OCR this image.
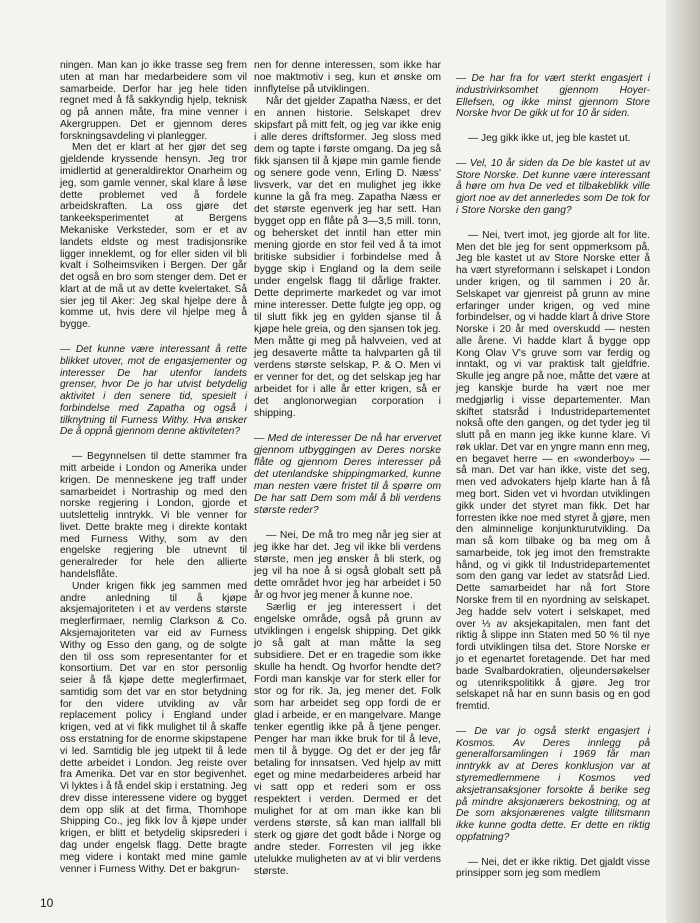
ningen. Man kan jo ikke trasse seg frem uten at man har medarbeidere som vil samarbeide. Derfor har jeg hele tiden regnet med å få sakkyndig hjelp, teknisk og på annen måte, fra mine venner i Akergruppen. Det er gjennom deres forskningsavdeling vi planlegger.

Men det er klart at her gjør det seg gjeldende kryssende hensyn. Jeg tror imidlertid at generaldirektor Onarheim og jeg, som gamle venner, skal klare å løse dette problemet ved å fordele arbeidskraften. La oss gjøre det tankeeksperimentet at Bergens Mekaniske Verksteder, som er et av landets eldste og mest tradisjonsrike ligger inneklemt, og for eller siden vil bli kvalt i Solheimsviken i Bergen. Der går det også en bro som stenger dem. Det er klart at de må ut av dette kvelertaket. Så sier jeg til Aker: Jeg skal hjelpe dere å komme ut, hvis dere vil hjelpe meg å bygge.

— Det kunne være interessant å rette blikket utover, mot de engasjementer og interesser De har utenfor landets grenser, hvor De jo har utvist betydelig aktivitet i den senere tid, spesielt i forbindelse med Zapatha og også i tilknytning til Furness Withy. Hva ønsker De å oppnå gjennom denne aktiviteten?

— Begynnelsen til dette stammer fra mitt arbeide i London og Amerika under krigen. De menneskene jeg traff under samarbeidet i Nortraship og med den norske regjering i London, gjorde et uutslettelig inntrykk. Vi ble venner for livet. Dette brakte meg i direkte kontakt med Furness Withy, som av den engelske regjering ble utnevnt til generalreder for hele den allierte handelsflåte.

Under krigen fikk jeg sammen med andre anledning til å kjøpe aksjemajoriteten i et av verdens største meglerfirmaer, nemlig Clarkson & Co. Aksjemajoriteten var eid av Furness Withy og Esso den gang, og de solgte den til oss som representanter for et konsortium. Det var en stor personlig seier å få kjøpe dette meglerfirmaet, samtidig som det var en stor betydning for den videre utvikling av vår replacement policy i England under krigen, ved at vi fikk mulighet til å skaffe oss erstatning for de enorme skipstapene vi led. Samtidig ble jeg utpekt til å lede dette arbeidet i London. Jeg reiste over fra Amerika. Det var en stor begivenhet. Vi lyktes i å få endel skip i erstatning. Jeg drev disse interessene videre og bygget dem opp slik at det firma, Thornhope Shipping Co., jeg fikk lov å kjøpe under krigen, er blitt et betydelig skipsrederi i dag under engelsk flagg. Dette bragte meg videre i kontakt med mine gamle venner i Furness Withy. Det er bakgrun-

nen for denne interessen, som ikke har noe maktmotiv i seg, kun et ønske om innflytelse på utviklingen.

Når det gjelder Zapatha Næss, er det en annen historie. Selskapet drev skipsfart på mitt felt, og jeg var ikke enig i alle deres driftsformer. Jeg sloss med dem og tapte i første omgang. Da jeg så fikk sjansen til å kjøpe min gamle fiende og senere gode venn, Erling D. Næss' livsverk, var det en mulighet jeg ikke kunne la gå fra meg. Zapatha Næss er det største egenverk jeg har sett. Han bygget opp en flåte på 3—3,5 mill. tonn, og behersket det inntil han etter min mening gjorde en stor feil ved å ta imot britiske subsidier i forbindelse med å bygge skip i England og la dem seile under engelsk flagg til dårlige frakter. Dette deprimerte markedet og var imot mine interesser. Dette fulgte jeg opp, og til slutt fikk jeg en gylden sjanse til å kjøpe hele greia, og den sjansen tok jeg. Men måtte gi meg på halvveien, ved at jeg desaverte måtte ta halvparten gå til verdens største selskap, P. & O. Men vi er venner for det, og det selskap jeg har arbeidet for i alle år etter krigen, så er det anglonorwegian corporation i shipping.

— Med de interesser De nå har ervervet gjennom utbyggingen av Deres norske flåte og gjennom Deres interesser på det utenlandske shippingmarked, kunne man nesten være fristet til å spørre om De har satt Dem som mål å bli verdens største reder?

— Nei, De må tro meg når jeg sier at jeg ikke har det. Jeg vil ikke bli verdens største, men jeg ønsker å bli sterk, og jeg vil ha noe å si også globalt sett på dette området hvor jeg har arbeidet i 50 år og hvor jeg mener å kunne noe.

Særlig er jeg interessert i det engelske område, også på grunn av utviklingen i engelsk shipping. Det gikk jo så galt at man måtte la seg subsidiere. Det er en tragedie som ikke skulle ha hendt. Og hvorfor hendte det? Fordi man kanskje var for sterk eller for stor og for rik. Ja, jeg mener det. Folk som har arbeidet seg opp fordi de er glad i arbeide, er en mangelvare. Mange tenker egentlig ikke på å tjene penger. Penger har man ikke bruk for til å leve, men til å bygge. Og det er der jeg får betaling for innsatsen. Ved hjelp av mitt eget og mine medarbeideres arbeid har vi satt opp et rederi som er oss respektert i verden. Dermed er det mulighet for at om man ikke kan bli verdens største, så kan man iallfall bli sterk og gjøre det godt både i Norge og andre steder. Forresten vil jeg ikke utelukke muligheten av at vi blir verdens største.

— De har fra for vært sterkt engasjert i industrivirksomhet gjennom Hoyer-Ellefsen, og ikke minst gjennom Store Norske hvor De gikk ut for 10 år siden.

— Jeg gikk ikke ut, jeg ble kastet ut.

— Vel, 10 år siden da De ble kastet ut av Store Norske. Det kunne være interessant å høre om hva De ved et tilbakeblikk ville gjort noe av det annerledes som De tok for i Store Norske den gang?

— Nei, tvert imot, jeg gjorde alt for lite. Men det ble jeg for sent oppmerksom på. Jeg ble kastet ut av Store Norske etter å ha vært styreformann i selskapet i London under krigen, og til sammen i 20 år. Selskapet var gjenreist på grunn av mine erfaringer under krigen, og ved mine forbindelser, og vi hadde klart å drive Store Norske i 20 år med overskudd — nesten alle årene. Vi hadde klart å bygge opp Kong Olav V's gruve som var ferdig og inntakt, og vi var praktisk talt gjeldfrie. Skulle jeg angre på noe, måtte det være at jeg kanskje burde ha vært noe mer medgjørlig i visse departementer. Man skiftet statsråd i Industridepartementet nokså ofte den gangen, og det tyder jeg til slutt på en mann jeg ikke kunne klare. Vi røk uklar. Det var en yngre mann enn meg, en begavet herre — en «wonderboy» — så man. Det var han ikke, viste det seg, men ved advokaters hjelp klarte han å få meg bort. Siden vet vi hvordan utviklingen gikk under det styret man fikk. Det har forresten ikke noe med styret å gjøre, men den alminnelige konjunkturutvikling. Da man så kom tilbake og ba meg om å samarbeide, tok jeg imot den fremstrakte hånd, og vi gikk til Industridepartementet som den gang var ledet av statsråd Lied. Dette samarbeidet har nå fort Store Norske frem til en nyordning av selskapet. Jeg hadde selv votert i selskapet, med over ⅓ av aksjekapitalen, men fant det riktig å slippe inn Staten med 50 % til nye fordi utviklingen tilsa det. Store Norske er jo et egenartet foretagende. Det har med bade Svalbardokratien, oljeundersøkelser og utenrikspolitikk å gjøre. Jeg tror selskapet nå har en sunn basis og en god fremtid.

— De var jo også sterkt engasjert i Kosmos. Av Deres innlegg på generalforsamlingen i 1969 får man inntrykk av at Deres konklusjon var at styremedlemmene i Kosmos ved aksjetransaksjoner forsokte å berike seg på mindre aksjonærers bekostning, og at De som aksjonærenes valgte tillitsmann ikke kunne godta dette. Er dette en riktig oppfatning?

— Nei, det er ikke riktig. Det gjaldt visse prinsipper som jeg som medlem

10
